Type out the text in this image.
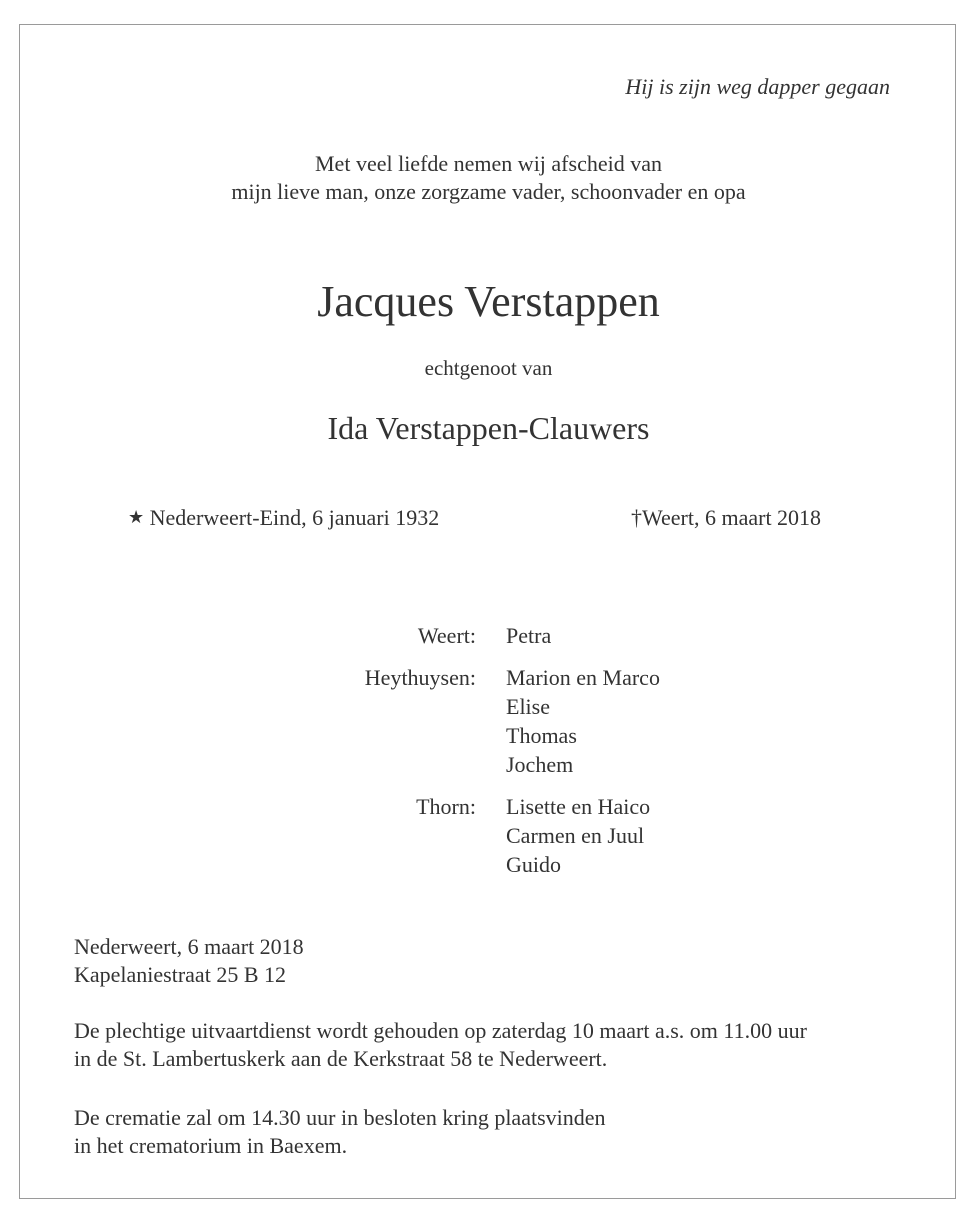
Hij is zijn weg dapper gegaan
Met veel liefde nemen wij afscheid van
mijn lieve man, onze zorgzame vader, schoonvader en opa
Jacques Verstappen
echtgenoot van
Ida Verstappen-Clauwers
★ Nederweert-Eind, 6 januari 1932	†Weert, 6 maart 2018
Weert: Petra
Heythuysen: Marion en Marco
Elise
Thomas
Jochem
Thorn: Lisette en Haico
Carmen en Juul
Guido
Nederweert, 6 maart 2018
Kapelaniestraat 25 B 12
De plechtige uitvaartdienst wordt gehouden op zaterdag 10 maart a.s. om 11.00 uur
in de St. Lambertuskerk aan de Kerkstraat 58 te Nederweert.
De crematie zal om 14.30 uur in besloten kring plaatsvinden
in het crematorium in Baexem.
